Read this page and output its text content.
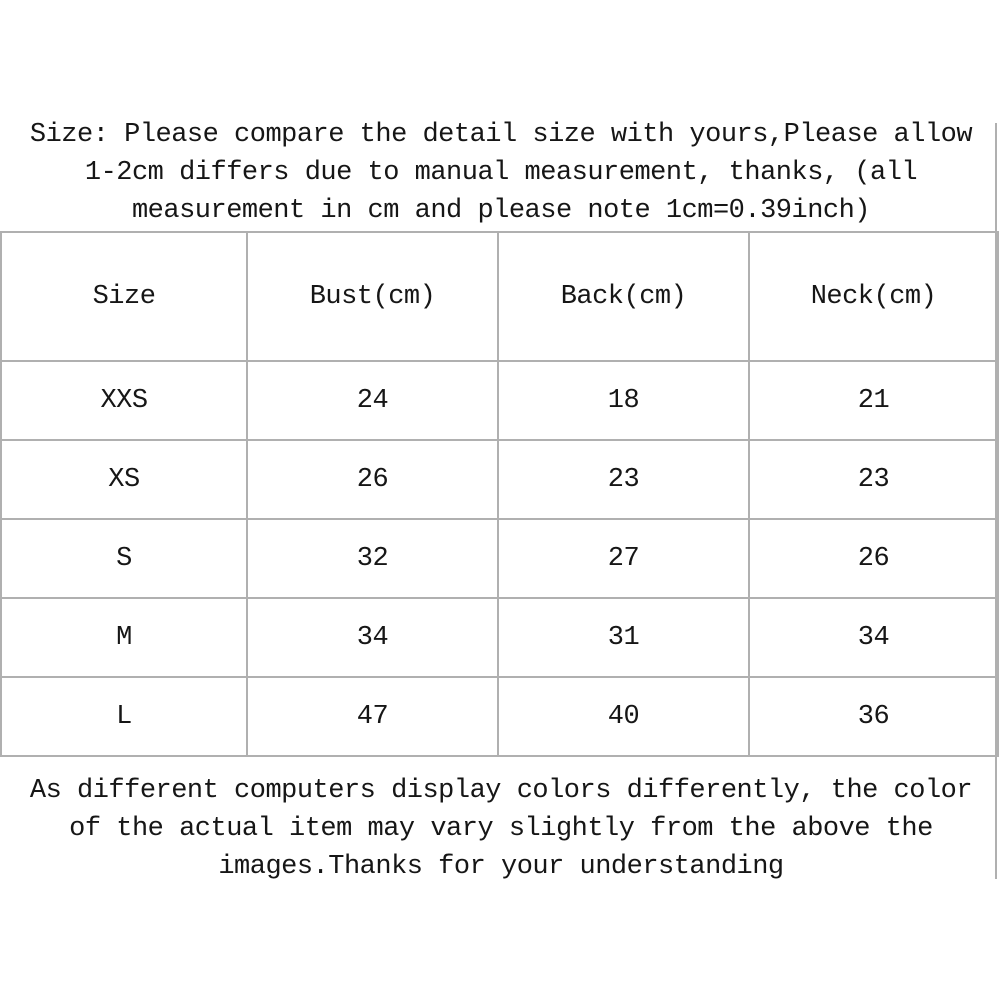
Size: Please compare the detail size with yours,Please allow
1-2cm differs due to manual measurement, thanks, (all
measurement in cm and please note 1cm=0.39inch)
Size	Bust(cm)	Back(cm)	Neck(cm)
XXS	24	18	21
XS	26	23	23
S	32	27	26
M	34	31	34
L	47	40	36
As different computers display colors differently, the color
of the actual item may vary slightly from the above the
images.Thanks for your understanding
